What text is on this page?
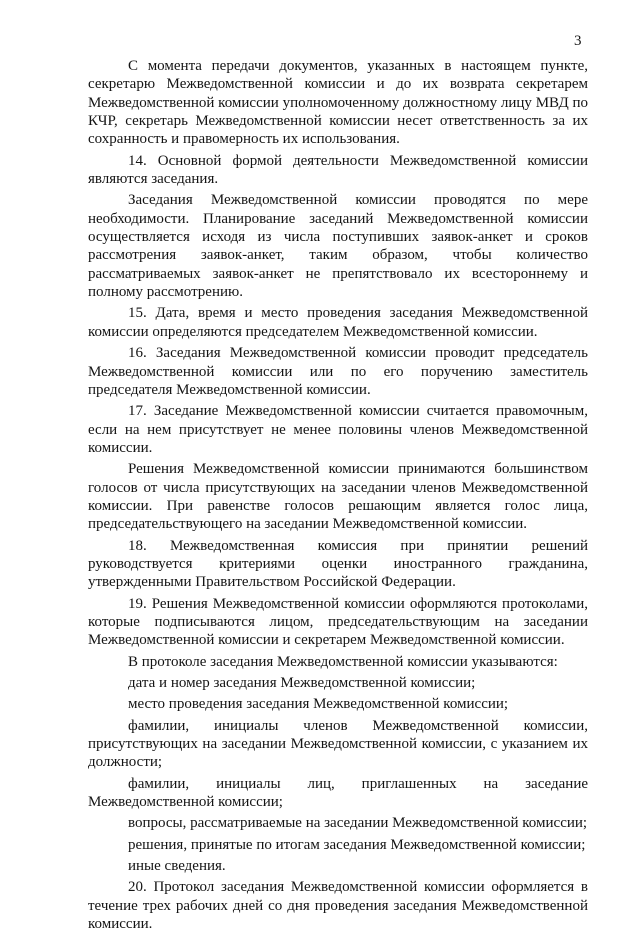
3

С момента передачи документов, указанных в настоящем пункте, секретарю Межведомственной комиссии и до их возврата секретарем Межведомственной комиссии уполномоченному должностному лицу МВД по КЧР, секретарь Межведомственной комиссии несет ответственность за их сохранность и правомерность их использования.

14. Основной формой деятельности Межведомственной комиссии являются заседания.

Заседания Межведомственной комиссии проводятся по мере необходимости. Планирование заседаний Межведомственной комиссии осуществляется исходя из числа поступивших заявок-анкет и сроков рассмотрения заявок-анкет, таким образом, чтобы количество рассматриваемых заявок-анкет не препятствовало их всестороннему и полному рассмотрению.

15. Дата, время и место проведения заседания Межведомственной комиссии определяются председателем Межведомственной комиссии.

16. Заседания Межведомственной комиссии проводит председатель Межведомственной комиссии или по его поручению заместитель председателя Межведомственной комиссии.

17. Заседание Межведомственной комиссии считается правомочным, если на нем присутствует не менее половины членов Межведомственной комиссии.

Решения Межведомственной комиссии принимаются большинством голосов от числа присутствующих на заседании членов Межведомственной комиссии. При равенстве голосов решающим является голос лица, председательствующего на заседании Межведомственной комиссии.

18. Межведомственная комиссия при принятии решений руководствуется критериями оценки иностранного гражданина, утвержденными Правительством Российской Федерации.

19. Решения Межведомственной комиссии оформляются протоколами, которые подписываются лицом, председательствующим на заседании Межведомственной комиссии и секретарем Межведомственной комиссии.

В протоколе заседания Межведомственной комиссии указываются:

дата и номер заседания Межведомственной комиссии;

место проведения заседания Межведомственной комиссии;

фамилии, инициалы членов Межведомственной комиссии, присутствующих на заседании Межведомственной комиссии, с указанием их должности;

фамилии, инициалы лиц, приглашенных на заседание Межведомственной комиссии;

вопросы, рассматриваемые на заседании Межведомственной комиссии;

решения, принятые по итогам заседания Межведомственной комиссии;

иные сведения.

20. Протокол заседания Межведомственной комиссии оформляется в течение трех рабочих дней со дня проведения заседания Межведомственной комиссии.
